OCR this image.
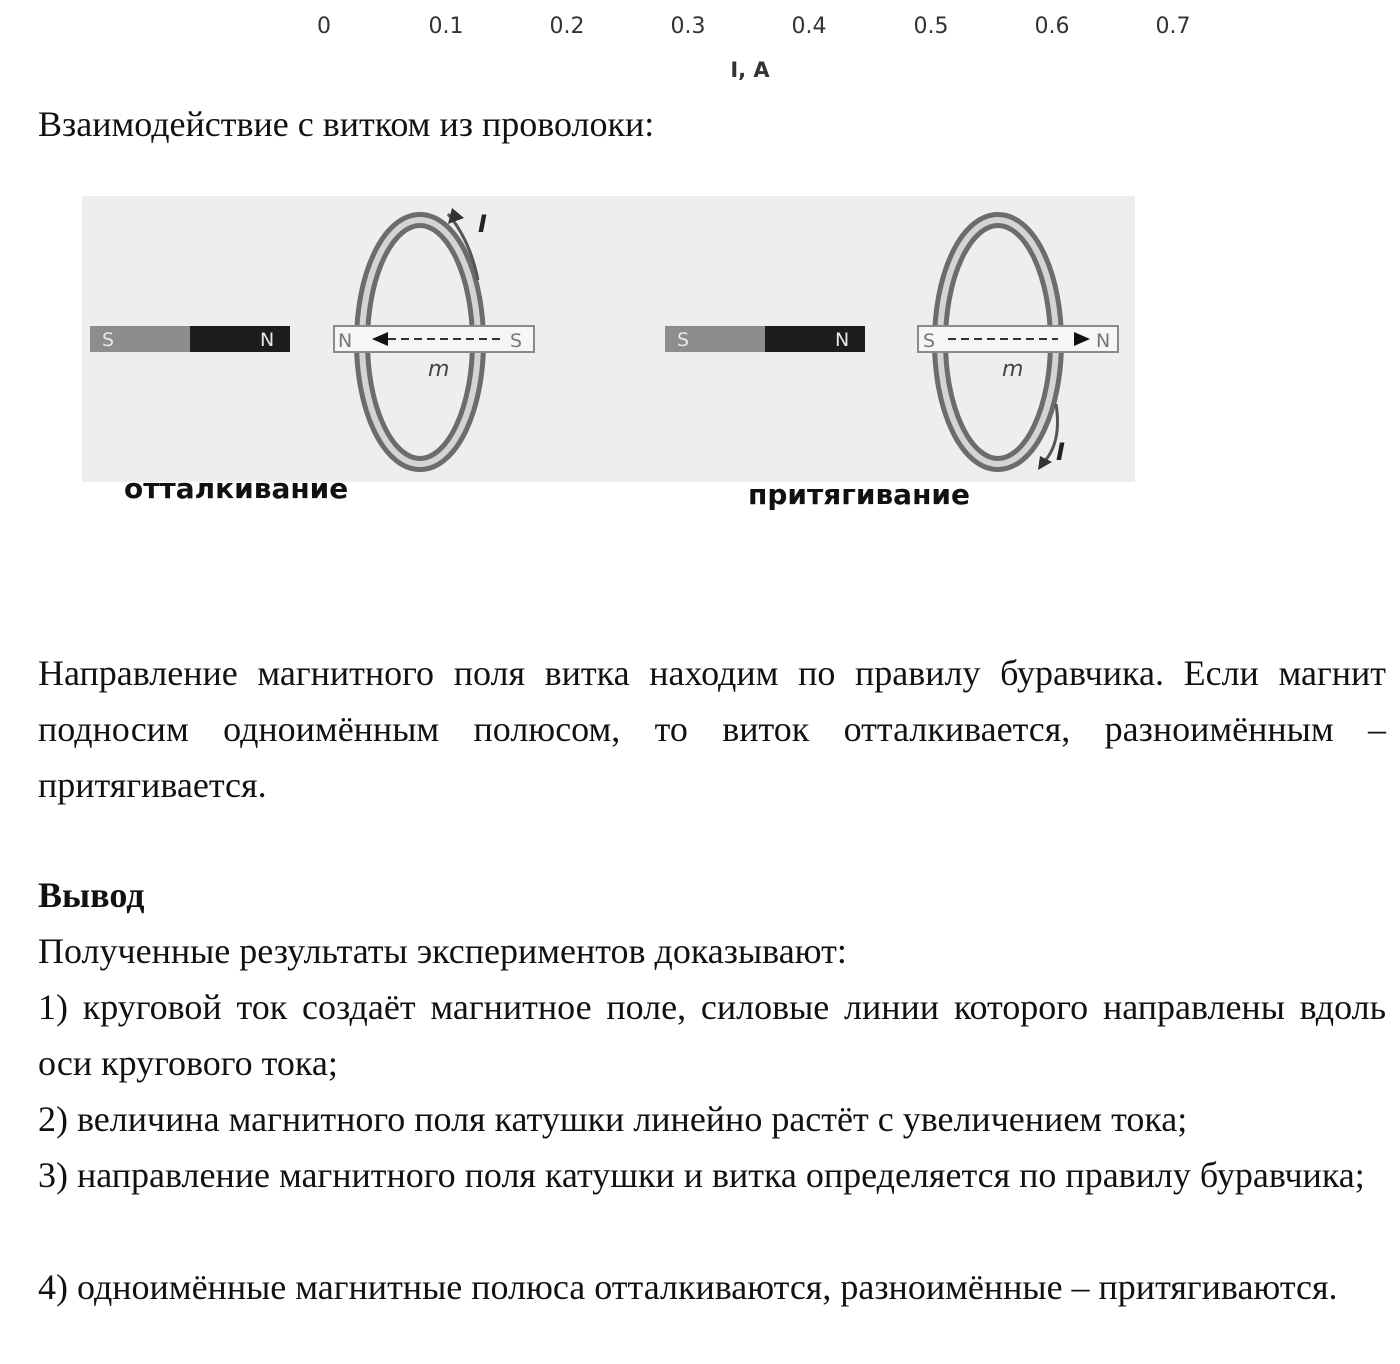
0	0.1	0.2	0.3	0.4	0.5	0.6	0.7
I, A

Взаимодействие с витком из проволоки:

S	N	N	S
m
I
S	N	S	N
m
I
отталкивание	притягивание

Направление магнитного поля витка находим по правилу буравчика. Если магнит подносим одноимённым полюсом, то виток отталкивается, разноимённым – притягивается.

Вывод

Полученные результаты экспериментов доказывают:

1) круговой ток создаёт магнитное поле, силовые линии которого направлены вдоль оси кругового тока;

2) величина магнитного поля катушки линейно растёт с увеличением тока;

3) направление магнитного поля катушки и витка определяется по правилу буравчика;

4) одноимённые магнитные полюса отталкиваются, разноимённые – притягиваются.
